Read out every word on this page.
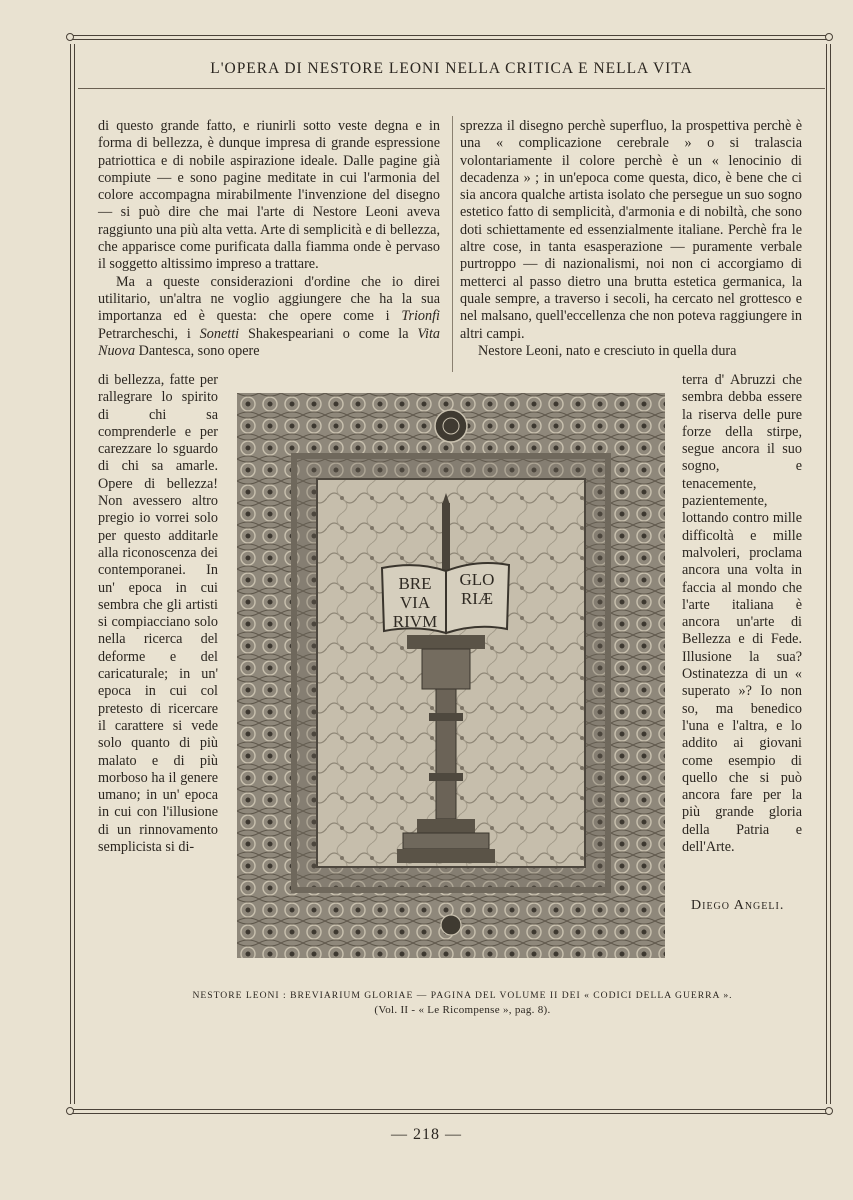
L'OPERA DI NESTORE LEONI NELLA CRITICA E NELLA VITA

di questo grande fatto, e riunirli sotto veste degna e in forma di bellezza, è dunque impresa di grande espressione patriottica e di nobile aspirazione ideale. Dalle pagine già compiute — e sono pagine meditate in cui l'armonia del colore accompagna mirabilmente l'invenzione del disegno — si può dire che mai l'arte di Nestore Leoni aveva raggiunto una più alta vetta. Arte di semplicità e di bellezza, che apparisce come purificata dalla fiamma onde è pervaso il soggetto altissimo impreso a trattare.

Ma a queste considerazioni d'ordine che io direi utilitario, un'altra ne voglio aggiungere che ha la sua importanza ed è questa: che opere come i Trionfi Petrarcheschi, i Sonetti Shakespeariani o come la Vita Nuova Dantesca, sono opere

sprezza il disegno perchè superfluo, la prospettiva perchè è una « complicazione cerebrale » o si tralascia volontariamente il colore perchè è un « lenocinio di decadenza » ; in un'epoca come questa, dico, è bene che ci sia ancora qualche artista isolato che persegue un suo sogno estetico fatto di semplicità, d'armonia e di nobiltà, che sono doti schiettamente ed essenzialmente italiane. Perchè fra le altre cose, in tanta esasperazione — puramente verbale purtroppo — di nazionalismi, noi non ci accorgiamo di metterci al passo dietro una brutta estetica germanica, la quale sempre, a traverso i secoli, ha cercato nel grottesco e nel malsano, quell'eccellenza che non poteva raggiungere in altri campi.

Nestore Leoni, nato e cresciuto in quella dura

di bellezza, fatte per rallegrare lo spirito di chi sa comprenderle e per carezzare lo sguardo di chi sa amarle. Opere di bellezza! Non avessero altro pregio io vorrei solo per questo additarle alla riconoscenza dei contemporanei. In un' epoca in cui sembra che gli artisti si compiacciano solo nella ricerca del deforme e del caricaturale; in un' epoca in cui col pretesto di ricercare il carattere si vede solo quanto di più malato e di più morboso ha il genere umano; in un' epoca in cui con l'illusione di un rinnovamento semplicista si di-

terra d' Abruzzi che sembra debba essere la riserva delle pure forze della stirpe, segue ancora il suo sogno, e tenacemente, pazientemente, lottando contro mille difficoltà e mille malvoleri, proclama ancora una volta in faccia al mondo che l'arte italiana è ancora un'arte di Bellezza e di Fede. Illusione la sua? Ostinatezza di un « superato »? Io non so, ma benedico l'una e l'altra, e lo addito ai giovani come esempio di quello che si può ancora fare per la più grande gloria della Patria e dell'Arte.

Diego Angeli.
BRE
VIA
RIVM
GLO
RIÆ
NESTORE LEONI : BREVIARIUM GLORIAE — PAGINA DEL VOLUME II DEI « CODICI DELLA GUERRA ».
(Vol. II - « Le Ricompense », pag. 8).
— 218 —
